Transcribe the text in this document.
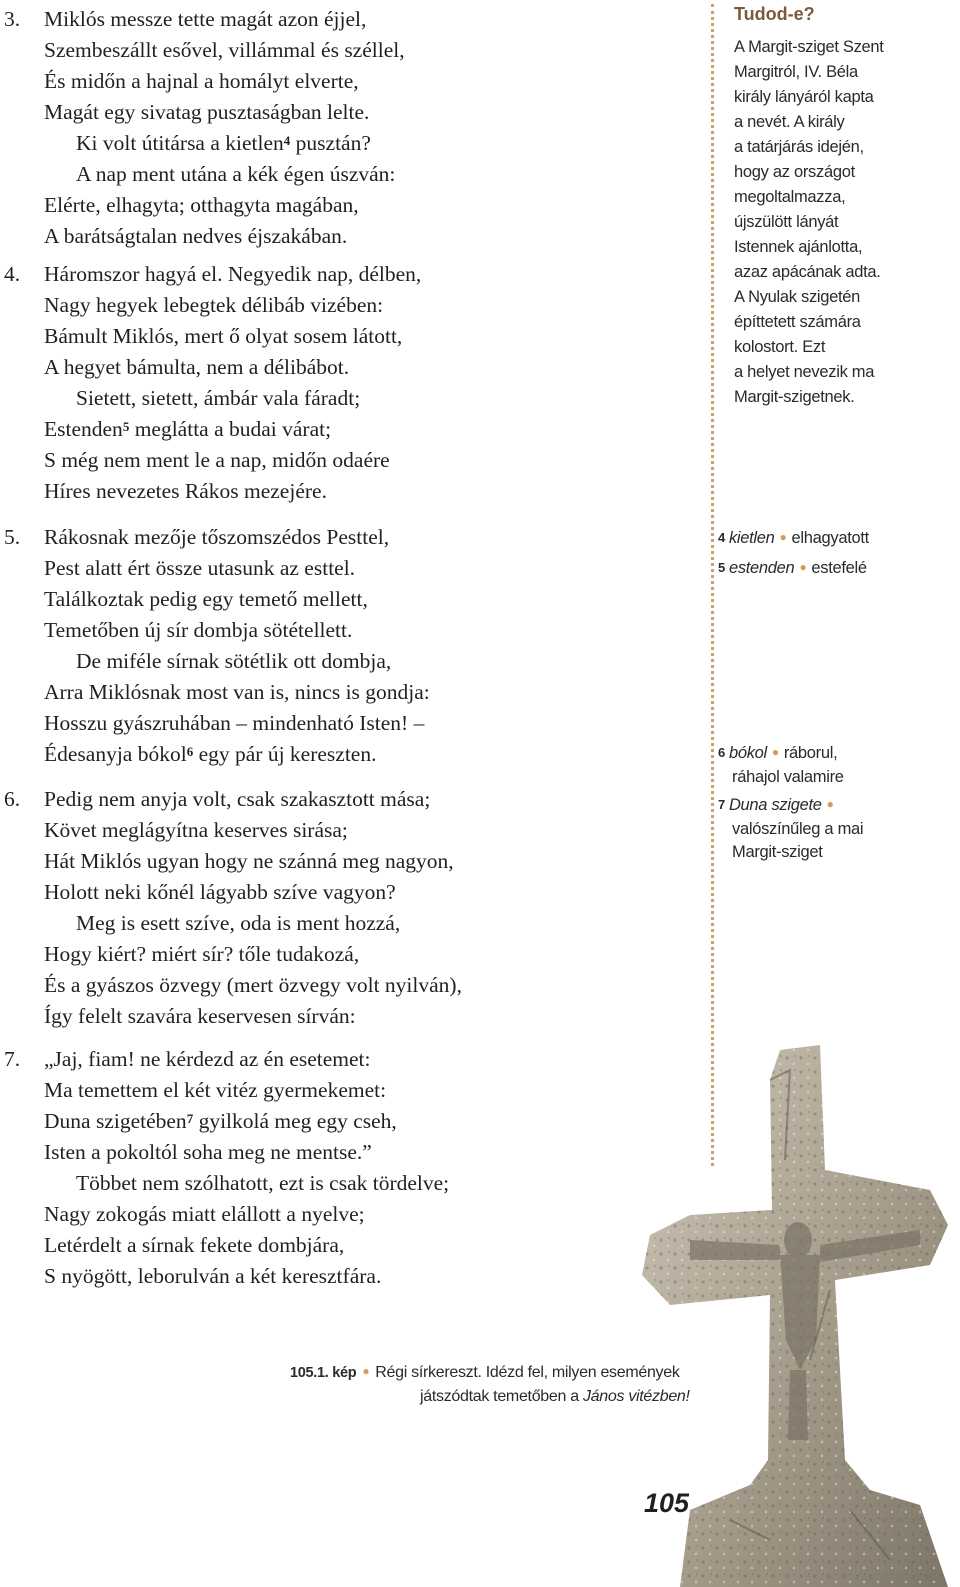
3. Miklós messze tette magát azon éjjel,
Szembeszállt esővel, villámmal és széllel,
És midőn a hajnal a homályt elverte,
Magát egy sivatag pusztaságban lelte.
Ki volt útitársa a kietlen$^4$ pusztán?
A nap ment utána a kék égen úszván:
Elérte, elhagyta; otthagyta magában,
A barátságtalan nedves éjszakában.
4. Háromszor hagyá el. Negyedik nap, délben,
Nagy hegyek lebegtek délibáb vizében:
Bámult Miklós, mert ő olyat sosem látott,
A hegyet bámulta, nem a délibábot.
Sietett, sietett, ámbár vala fáradt;
Estenden$^5$ meglátta a budai várat;
S még nem ment le a nap, midőn odaére
Híres nevezetes Rákos mezejére.
5. Rákosnak mezője tőszomszédos Pesttel,
Pest alatt ért össze utasunk az esttel.
Találkoztak pedig egy temető mellett,
Temetőben új sír dombja sötétellett.
De miféle sírnak sötétlik ott dombja,
Arra Miklósnak most van is, nincs is gondja:
Hosszu gyászruhában – mindenható Isten! –
Édesanyja bókol$^6$ egy pár új kereszten.
6. Pedig nem anyja volt, csak szakasztott mása;
Követ meglágyítna keserves sirása;
Hát Miklós ugyan hogy ne szánná meg nagyon,
Holott neki kőnél lágyabb szíve vagyon?
Meg is esett szíve, oda is ment hozzá,
Hogy kiért? miért sír? tőle tudakozá,
És a gyászos özvegy (mert özvegy volt nyilván),
Így felelt szavára keservesen sírván:
7. „Jaj, fiam! ne kérdezd az én esetemet:
Ma temettem el két vitéz gyermekemet:
Duna szigetében$^7$ gyilkolá meg egy cseh,
Isten a pokoltól soha meg ne mentse.”
Többet nem szólhatott, ezt is csak tördelve;
Nagy zokogás miatt elállott a nyelve;
Letérdelt a sírnak fekete dombjára,
S nyögött, leborulván a két keresztfára.
Tudod-e?
A Margit-sziget Szent
Margitról, IV. Béla
király lányáról kapta
a nevét. A király
a tatárjárás idején,
hogy az országot
megoltalmazza,
újszülött lányát
Istennek ajánlotta,
azaz apácának adta.
A Nyulak szigetén
építtetett számára
kolostort. Ezt
a helyet nevezik ma
Margit-szigetnek.
$^4$ kietlen ● elhagyatott
$^5$ estenden ● estefelé
$^6$ bókol ● ráborul,
ráhajol valamire
$^7$ Duna szigete ●
valószínűleg a mai
Margit-sziget
105.1. kép ● Régi sírkereszt. Idézd fel, milyen események
játszódtak temetőben a János vitézben!
105
